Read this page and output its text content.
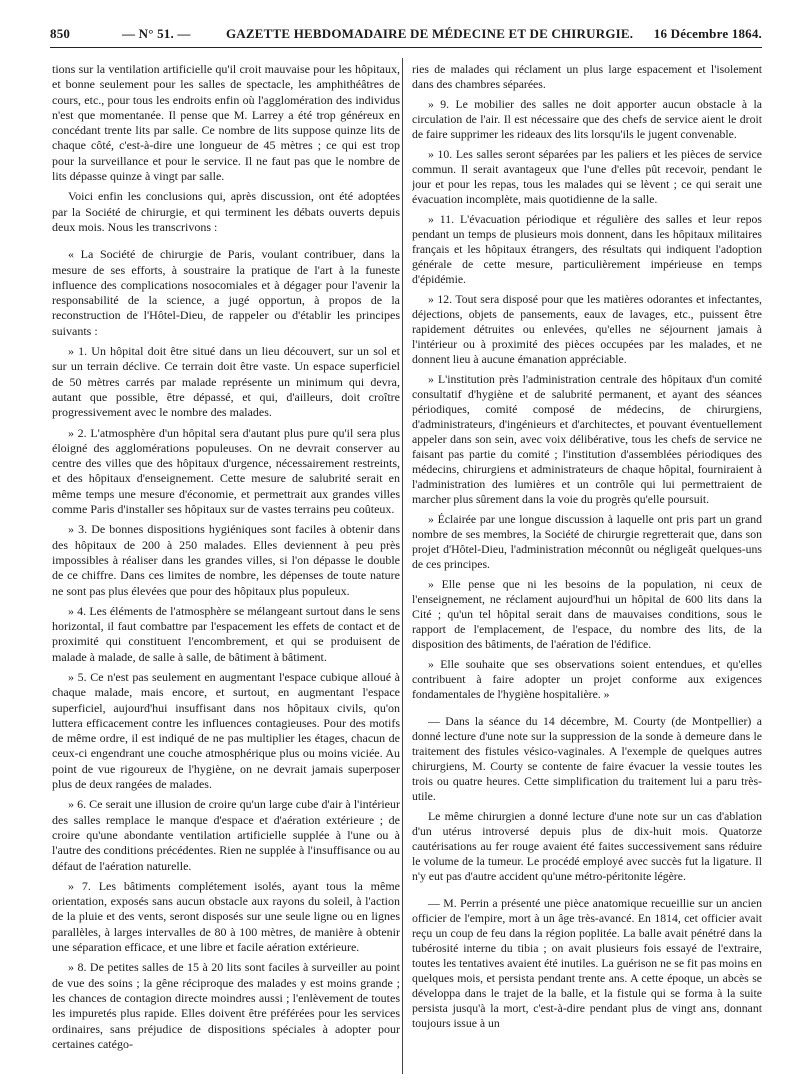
850	— N° 51. —	GAZETTE HEBDOMADAIRE DE MÉDECINE ET DE CHIRURGIE. 16 Décembre 1864.

tions sur la ventilation artificielle qu'il croit mauvaise pour les hôpitaux, et bonne seulement pour les salles de spectacle, les amphithéâtres de cours, etc., pour tous les endroits enfin où l'agglomération des individus n'est que momentanée. Il pense que M. Larrey a été trop généreux en concédant trente lits par salle. Ce nombre de lits suppose quinze lits de chaque côté, c'est-à-dire une longueur de 45 mètres ; ce qui est trop pour la surveillance et pour le service. Il ne faut pas que le nombre de lits dépasse quinze à vingt par salle.

Voici enfin les conclusions qui, après discussion, ont été adoptées par la Société de chirurgie, et qui terminent les débats ouverts depuis deux mois. Nous les transcrivons :

« La Société de chirurgie de Paris, voulant contribuer, dans la mesure de ses efforts, à soustraire la pratique de l'art à la funeste influence des complications nosocomiales et à dégager pour l'avenir la responsabilité de la science, a jugé opportun, à propos de la reconstruction de l'Hôtel-Dieu, de rappeler ou d'établir les principes suivants :

» 1. Un hôpital doit être situé dans un lieu découvert, sur un sol et sur un terrain déclive. Ce terrain doit être vaste. Un espace superficiel de 50 mètres carrés par malade représente un minimum qui devra, autant que possible, être dépassé, et qui, d'ailleurs, doit croître progressivement avec le nombre des malades.

» 2. L'atmosphère d'un hôpital sera d'autant plus pure qu'il sera plus éloigné des agglomérations populeuses. On ne devrait conserver au centre des villes que des hôpitaux d'urgence, nécessairement restreints, et des hôpitaux d'enseignement. Cette mesure de salubrité serait en même temps une mesure d'économie, et permettrait aux grandes villes comme Paris d'installer ses hôpitaux sur de vastes terrains peu coûteux.

» 3. De bonnes dispositions hygiéniques sont faciles à obtenir dans des hôpitaux de 200 à 250 malades. Elles deviennent à peu près impossibles à réaliser dans les grandes villes, si l'on dépasse le double de ce chiffre. Dans ces limites de nombre, les dépenses de toute nature ne sont pas plus élevées que pour des hôpitaux plus populeux.

» 4. Les éléments de l'atmosphère se mélangeant surtout dans le sens horizontal, il faut combattre par l'espacement les effets de contact et de proximité qui constituent l'encombrement, et qui se produisent de malade à malade, de salle à salle, de bâtiment à bâtiment.

» 5. Ce n'est pas seulement en augmentant l'espace cubique alloué à chaque malade, mais encore, et surtout, en augmentant l'espace superficiel, aujourd'hui insuffisant dans nos hôpitaux civils, qu'on luttera efficacement contre les influences contagieuses. Pour des motifs de même ordre, il est indiqué de ne pas multiplier les étages, chacun de ceux-ci engendrant une couche atmosphérique plus ou moins viciée. Au point de vue rigoureux de l'hygiène, on ne devrait jamais superposer plus de deux rangées de malades.

» 6. Ce serait une illusion de croire qu'un large cube d'air à l'intérieur des salles remplace le manque d'espace et d'aération extérieure ; de croire qu'une abondante ventilation artificielle supplée à l'une ou à l'autre des conditions précédentes. Rien ne supplée à l'insuffisance ou au défaut de l'aération naturelle.

» 7. Les bâtiments complétement isolés, ayant tous la même orientation, exposés sans aucun obstacle aux rayons du soleil, à l'action de la pluie et des vents, seront disposés sur une seule ligne ou en lignes parallèles, à larges intervalles de 80 à 100 mètres, de manière à obtenir une séparation efficace, et une libre et facile aération extérieure.

» 8. De petites salles de 15 à 20 lits sont faciles à surveiller au point de vue des soins ; la gêne réciproque des malades y est moins grande ; les chances de contagion directe moindres aussi ; l'enlèvement de toutes les impuretés plus rapide. Elles doivent être préférées pour les services ordinaires, sans préjudice de dispositions spéciales à adopter pour certaines catégo-

ries de malades qui réclament un plus large espacement et l'isolement dans des chambres séparées.

» 9. Le mobilier des salles ne doit apporter aucun obstacle à la circulation de l'air. Il est nécessaire que des chefs de service aient le droit de faire supprimer les rideaux des lits lorsqu'ils le jugent convenable.

» 10. Les salles seront séparées par les paliers et les pièces de service commun. Il serait avantageux que l'une d'elles pût recevoir, pendant le jour et pour les repas, tous les malades qui se lèvent ; ce qui serait une évacuation incomplète, mais quotidienne de la salle.

» 11. L'évacuation périodique et régulière des salles et leur repos pendant un temps de plusieurs mois donnent, dans les hôpitaux militaires français et les hôpitaux étrangers, des résultats qui indiquent l'adoption générale de cette mesure, particulièrement impérieuse en temps d'épidémie.

» 12. Tout sera disposé pour que les matières odorantes et infectantes, déjections, objets de pansements, eaux de lavages, etc., puissent être rapidement détruites ou enlevées, qu'elles ne séjournent jamais à l'intérieur ou à proximité des pièces occupées par les malades, et ne donnent lieu à aucune émanation appréciable.

» L'institution près l'administration centrale des hôpitaux d'un comité consultatif d'hygiène et de salubrité permanent, et ayant des séances périodiques, comité composé de médecins, de chirurgiens, d'administrateurs, d'ingénieurs et d'architectes, et pouvant éventuellement appeler dans son sein, avec voix délibérative, tous les chefs de service ne faisant pas partie du comité ; l'institution d'assemblées périodiques des médecins, chirurgiens et administrateurs de chaque hôpital, fourniraient à l'administration des lumières et un contrôle qui lui permettraient de marcher plus sûrement dans la voie du progrès qu'elle poursuit.

» Éclairée par une longue discussion à laquelle ont pris part un grand nombre de ses membres, la Société de chirurgie regretterait que, dans son projet d'Hôtel-Dieu, l'administration méconnût ou négligeât quelques-uns de ces principes.

» Elle pense que ni les besoins de la population, ni ceux de l'enseignement, ne réclament aujourd'hui un hôpital de 600 lits dans la Cité ; qu'un tel hôpital serait dans de mauvaises conditions, sous le rapport de l'emplacement, de l'espace, du nombre des lits, de la disposition des bâtiments, de l'aération de l'édifice.

» Elle souhaite que ses observations soient entendues, et qu'elles contribuent à faire adopter un projet conforme aux exigences fondamentales de l'hygiène hospitalière. »

— Dans la séance du 14 décembre, M. Courty (de Montpellier) a donné lecture d'une note sur la suppression de la sonde à demeure dans le traitement des fistules vésico-vaginales. A l'exemple de quelques autres chirurgiens, M. Courty se contente de faire évacuer la vessie toutes les trois ou quatre heures. Cette simplification du traitement lui a paru très-utile.

Le même chirurgien a donné lecture d'une note sur un cas d'ablation d'un utérus introversé depuis plus de dix-huit mois. Quatorze cautérisations au fer rouge avaient été faites successivement sans réduire le volume de la tumeur. Le procédé employé avec succès fut la ligature. Il n'y eut pas d'autre accident qu'une métro-péritonite légère.

— M. Perrin a présenté une pièce anatomique recueillie sur un ancien officier de l'empire, mort à un âge très-avancé. En 1814, cet officier avait reçu un coup de feu dans la région poplitée. La balle avait pénétré dans la tubérosité interne du tibia ; on avait plusieurs fois essayé de l'extraire, toutes les tentatives avaient été inutiles. La guérison ne se fit pas moins en quelques mois, et persista pendant trente ans. A cette époque, un abcès se développa dans le trajet de la balle, et la fistule qui se forma à la suite persista jusqu'à la mort, c'est-à-dire pendant plus de vingt ans, donnant toujours issue à un
